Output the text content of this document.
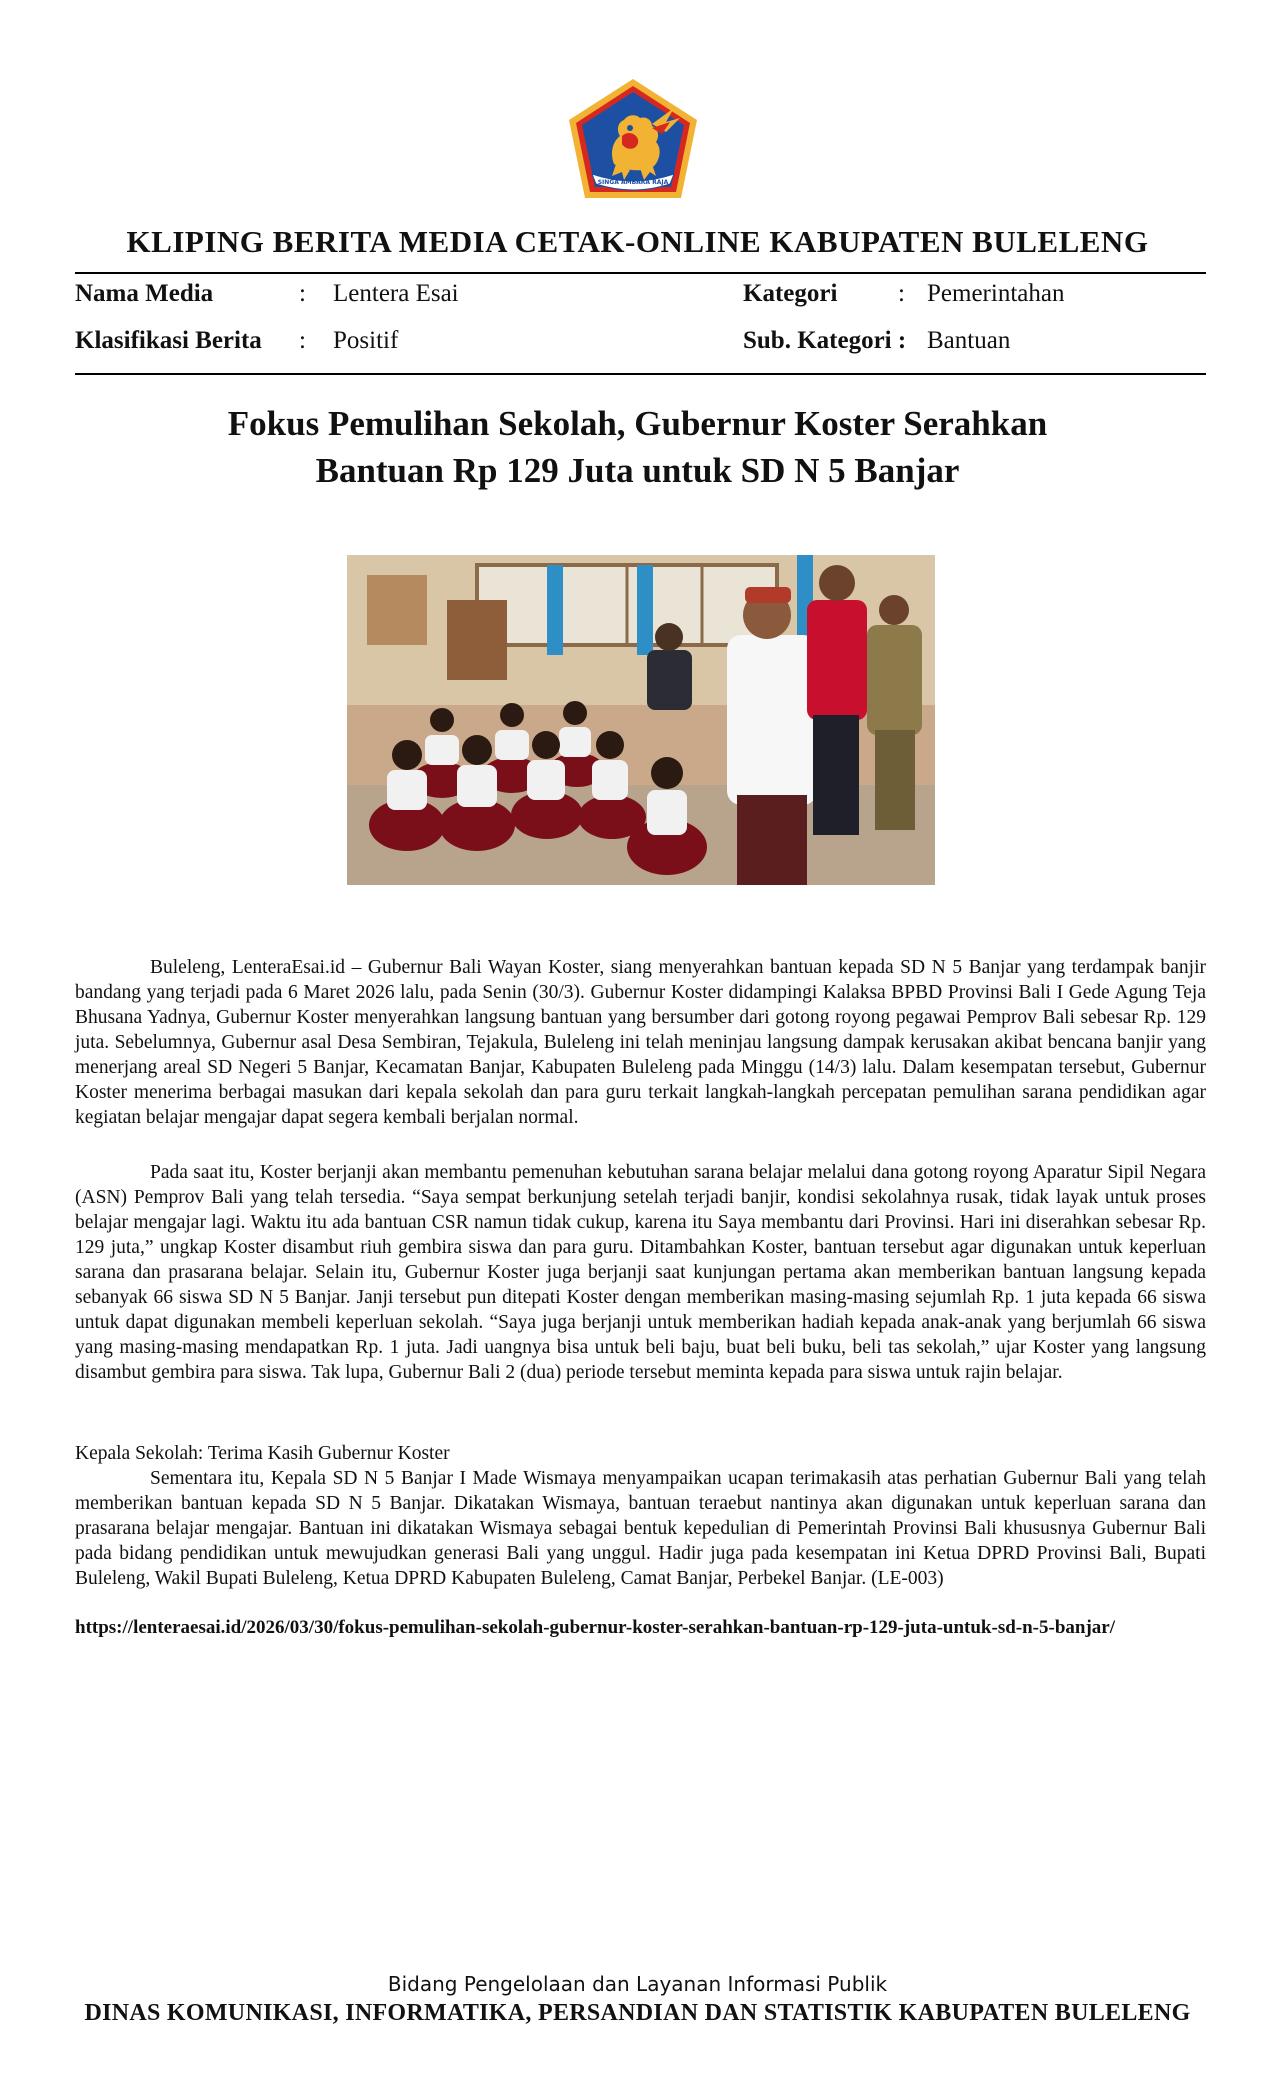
SINGA AMBARA RAJA
KLIPING BERITA MEDIA CETAK-ONLINE KABUPATEN BULELENG
Nama Media	: Lentera Esai	Kategori : Pemerintahan
Klasifikasi Berita : Positif	Sub. Kategori : Bantuan
Fokus Pemulihan Sekolah, Gubernur Koster Serahkan
Bantuan Rp 129 Juta untuk SD N 5 Banjar

Buleleng, LenteraEsai.id – Gubernur Bali Wayan Koster, siang menyerahkan bantuan kepada SD N 5 Banjar yang terdampak banjir bandang yang terjadi pada 6 Maret 2026 lalu, pada Senin (30/3). Gubernur Koster didampingi Kalaksa BPBD Provinsi Bali I Gede Agung Teja Bhusana Yadnya, Gubernur Koster menyerahkan langsung bantuan yang bersumber dari gotong royong pegawai Pemprov Bali sebesar Rp. 129 juta. Sebelumnya, Gubernur asal Desa Sembiran, Tejakula, Buleleng ini telah meninjau langsung dampak kerusakan akibat bencana banjir yang menerjang areal SD Negeri 5 Banjar, Kecamatan Banjar, Kabupaten Buleleng pada Minggu (14/3) lalu. Dalam kesempatan tersebut, Gubernur Koster menerima berbagai masukan dari kepala sekolah dan para guru terkait langkah-langkah percepatan pemulihan sarana pendidikan agar kegiatan belajar mengajar dapat segera kembali berjalan normal.

Pada saat itu, Koster berjanji akan membantu pemenuhan kebutuhan sarana belajar melalui dana gotong royong Aparatur Sipil Negara (ASN) Pemprov Bali yang telah tersedia. “Saya sempat berkunjung setelah terjadi banjir, kondisi sekolahnya rusak, tidak layak untuk proses belajar mengajar lagi. Waktu itu ada bantuan CSR namun tidak cukup, karena itu Saya membantu dari Provinsi. Hari ini diserahkan sebesar Rp. 129 juta,” ungkap Koster disambut riuh gembira siswa dan para guru. Ditambahkan Koster, bantuan tersebut agar digunakan untuk keperluan sarana dan prasarana belajar. Selain itu, Gubernur Koster juga berjanji saat kunjungan pertama akan memberikan bantuan langsung kepada sebanyak 66 siswa SD N 5 Banjar. Janji tersebut pun ditepati Koster dengan memberikan masing-masing sejumlah Rp. 1 juta kepada 66 siswa untuk dapat digunakan membeli keperluan sekolah. “Saya juga berjanji untuk memberikan hadiah kepada anak-anak yang berjumlah 66 siswa yang masing-masing mendapatkan Rp. 1 juta. Jadi uangnya bisa untuk beli baju, buat beli buku, beli tas sekolah,” ujar Koster yang langsung disambut gembira para siswa. Tak lupa, Gubernur Bali 2 (dua) periode tersebut meminta kepada para siswa untuk rajin belajar.

Kepala Sekolah: Terima Kasih Gubernur Koster

Sementara itu, Kepala SD N 5 Banjar I Made Wismaya menyampaikan ucapan terimakasih atas perhatian Gubernur Bali yang telah memberikan bantuan kepada SD N 5 Banjar. Dikatakan Wismaya, bantuan teraebut nantinya akan digunakan untuk keperluan sarana dan prasarana belajar mengajar. Bantuan ini dikatakan Wismaya sebagai bentuk kepedulian di Pemerintah Provinsi Bali khususnya Gubernur Bali pada bidang pendidikan untuk mewujudkan generasi Bali yang unggul. Hadir juga pada kesempatan ini Ketua DPRD Provinsi Bali, Bupati Buleleng, Wakil Bupati Buleleng, Ketua DPRD Kabupaten Buleleng, Camat Banjar, Perbekel Banjar. (LE-003)

https://lenteraesai.id/2026/03/30/fokus-pemulihan-sekolah-gubernur-koster-serahkan-bantuan-rp-129-juta-untuk-sd-n-5-banjar/
Bidang Pengelolaan dan Layanan Informasi Publik
DINAS KOMUNIKASI, INFORMATIKA, PERSANDIAN DAN STATISTIK KABUPATEN BULELENG
